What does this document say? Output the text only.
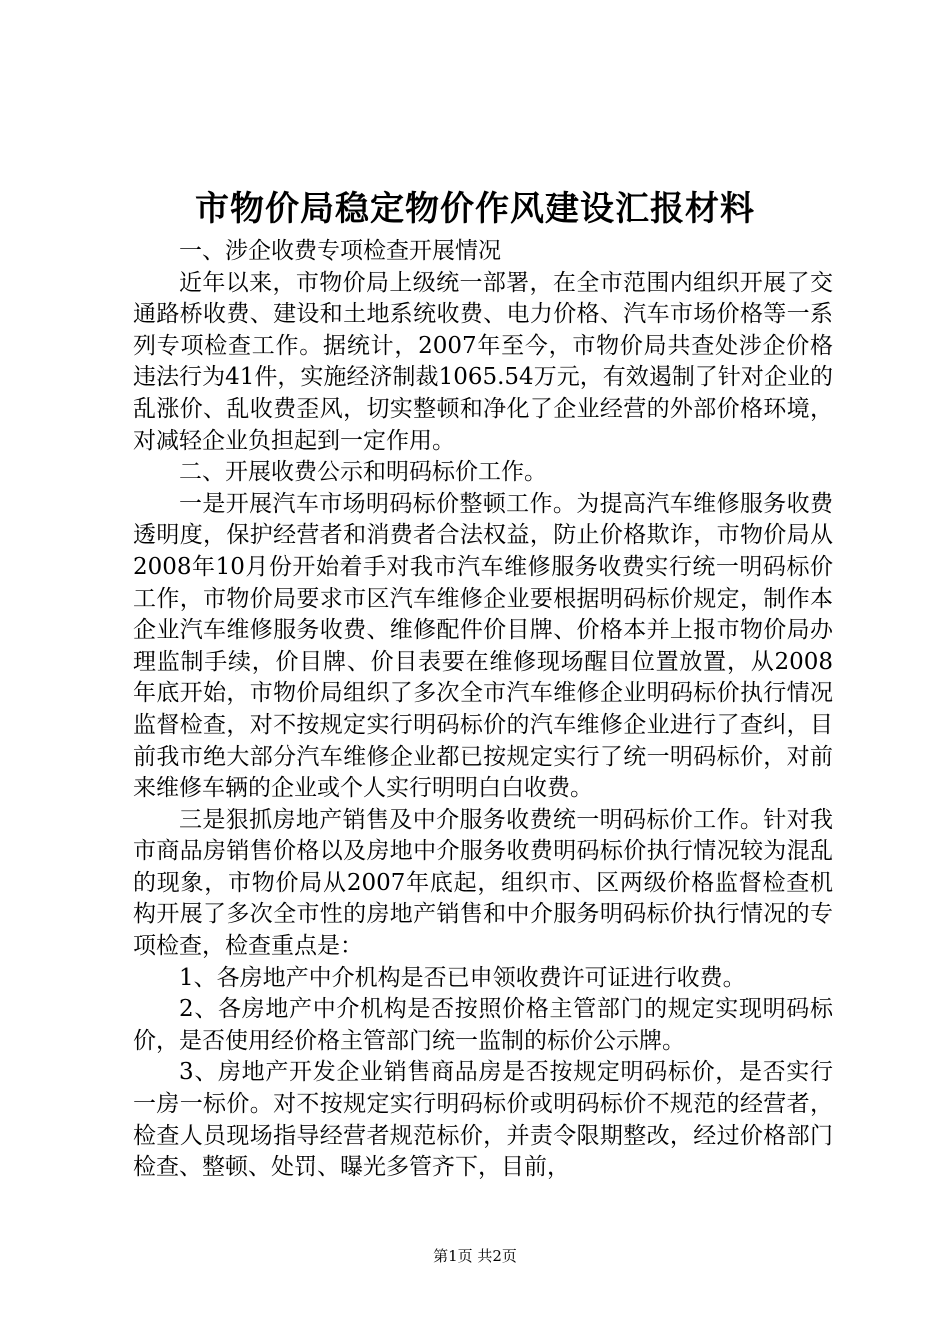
市物价局稳定物价作风建设汇报材料

一、涉企收费专项检查开展情况

近年以来，市物价局上级统一部署，在全市范围内组织开展了交通路桥收费、建设和土地系统收费、电力价格、汽车市场价格等一系列专项检查工作。据统计，2007年至今，市物价局共查处涉企价格违法行为41件，实施经济制裁1065.54万元，有效遏制了针对企业的乱涨价、乱收费歪风，切实整顿和净化了企业经营的外部价格环境，对减轻企业负担起到一定作用。

二、开展收费公示和明码标价工作。

一是开展汽车市场明码标价整顿工作。为提高汽车维修服务收费透明度，保护经营者和消费者合法权益，防止价格欺诈，市物价局从2008年10月份开始着手对我市汽车维修服务收费实行统一明码标价工作，市物价局要求市区汽车维修企业要根据明码标价规定，制作本企业汽车维修服务收费、维修配件价目牌、价格本并上报市物价局办理监制手续，价目牌、价目表要在维修现场醒目位置放置，从2008年底开始，市物价局组织了多次全市汽车维修企业明码标价执行情况监督检查，对不按规定实行明码标价的汽车维修企业进行了查纠，目前我市绝大部分汽车维修企业都已按规定实行了统一明码标价，对前来维修车辆的企业或个人实行明明白白收费。

三是狠抓房地产销售及中介服务收费统一明码标价工作。针对我市商品房销售价格以及房地中介服务收费明码标价执行情况较为混乱的现象，市物价局从2007年底起，组织市、区两级价格监督检查机构开展了多次全市性的房地产销售和中介服务明码标价执行情况的专项检查，检查重点是：

1、各房地产中介机构是否已申领收费许可证进行收费。

2、各房地产中介机构是否按照价格主管部门的规定实现明码标价，是否使用经价格主管部门统一监制的标价公示牌。

3、房地产开发企业销售商品房是否按规定明码标价，是否实行一房一标价。对不按规定实行明码标价或明码标价不规范的经营者，检查人员现场指导经营者规范标价，并责令限期整改，经过价格部门检查、整顿、处罚、曝光多管齐下，目前，

第1页 共2页
